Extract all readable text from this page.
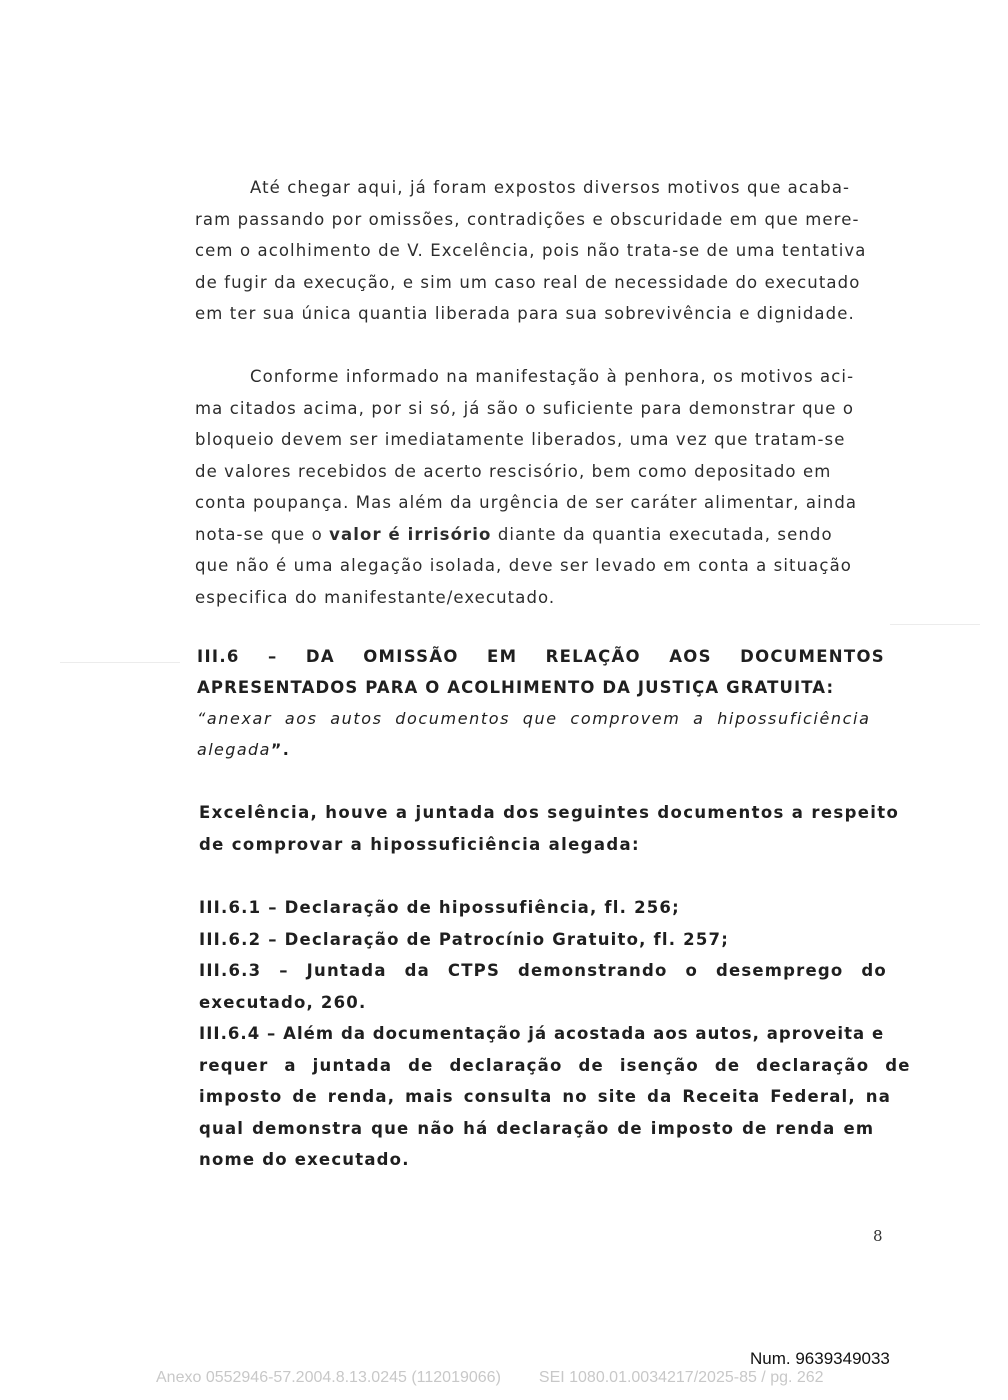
Até chegar aqui, já foram expostos diversos motivos que acaba-
ram passando por omissões, contradições e obscuridade em que mere-
cem o acolhimento de V. Excelência, pois não trata-se de uma tentativa
de fugir da execução, e sim um caso real de necessidade do executado
em ter sua única quantia liberada para sua sobrevivência e dignidade.
Conforme informado na manifestação à penhora, os motivos aci-
ma citados acima, por si só, já são o suficiente para demonstrar que o
bloqueio devem ser imediatamente liberados, uma vez que tratam-se
de valores recebidos de acerto rescisório, bem como depositado em
conta poupança. Mas além da urgência de ser caráter alimentar, ainda
nota-se que o valor é irrisório diante da quantia executada, sendo
que não é uma alegação isolada, deve ser levado em conta a situação
especifica do manifestante/executado.
III.6 – DA OMISSÃO EM RELAÇÃO AOS DOCUMENTOS
APRESENTADOS PARA O ACOLHIMENTO DA JUSTIÇA GRATUITA:
“anexar aos autos documentos que comprovem a hipossuficiência
alegada”.
Excelência, houve a juntada dos seguintes documentos a respeito
de comprovar a hipossuficiência alegada:
III.6.1 – Declaração de hipossufiência, fl. 256;
III.6.2 – Declaração de Patrocínio Gratuito, fl. 257;
III.6.3 – Juntada da CTPS demonstrando o desemprego do
executado, 260.
III.6.4 – Além da documentação já acostada aos autos, aproveita e
requer a juntada de declaração de isenção de declaração de
imposto de renda, mais consulta no site da Receita Federal, na
qual demonstra que não há declaração de imposto de renda em
nome do executado.
8
Num. 9639349033
Anexo 0552946-57.2004.8.13.0245 (112019066) SEI 1080.01.0034217/2025-85 / pg. 262
